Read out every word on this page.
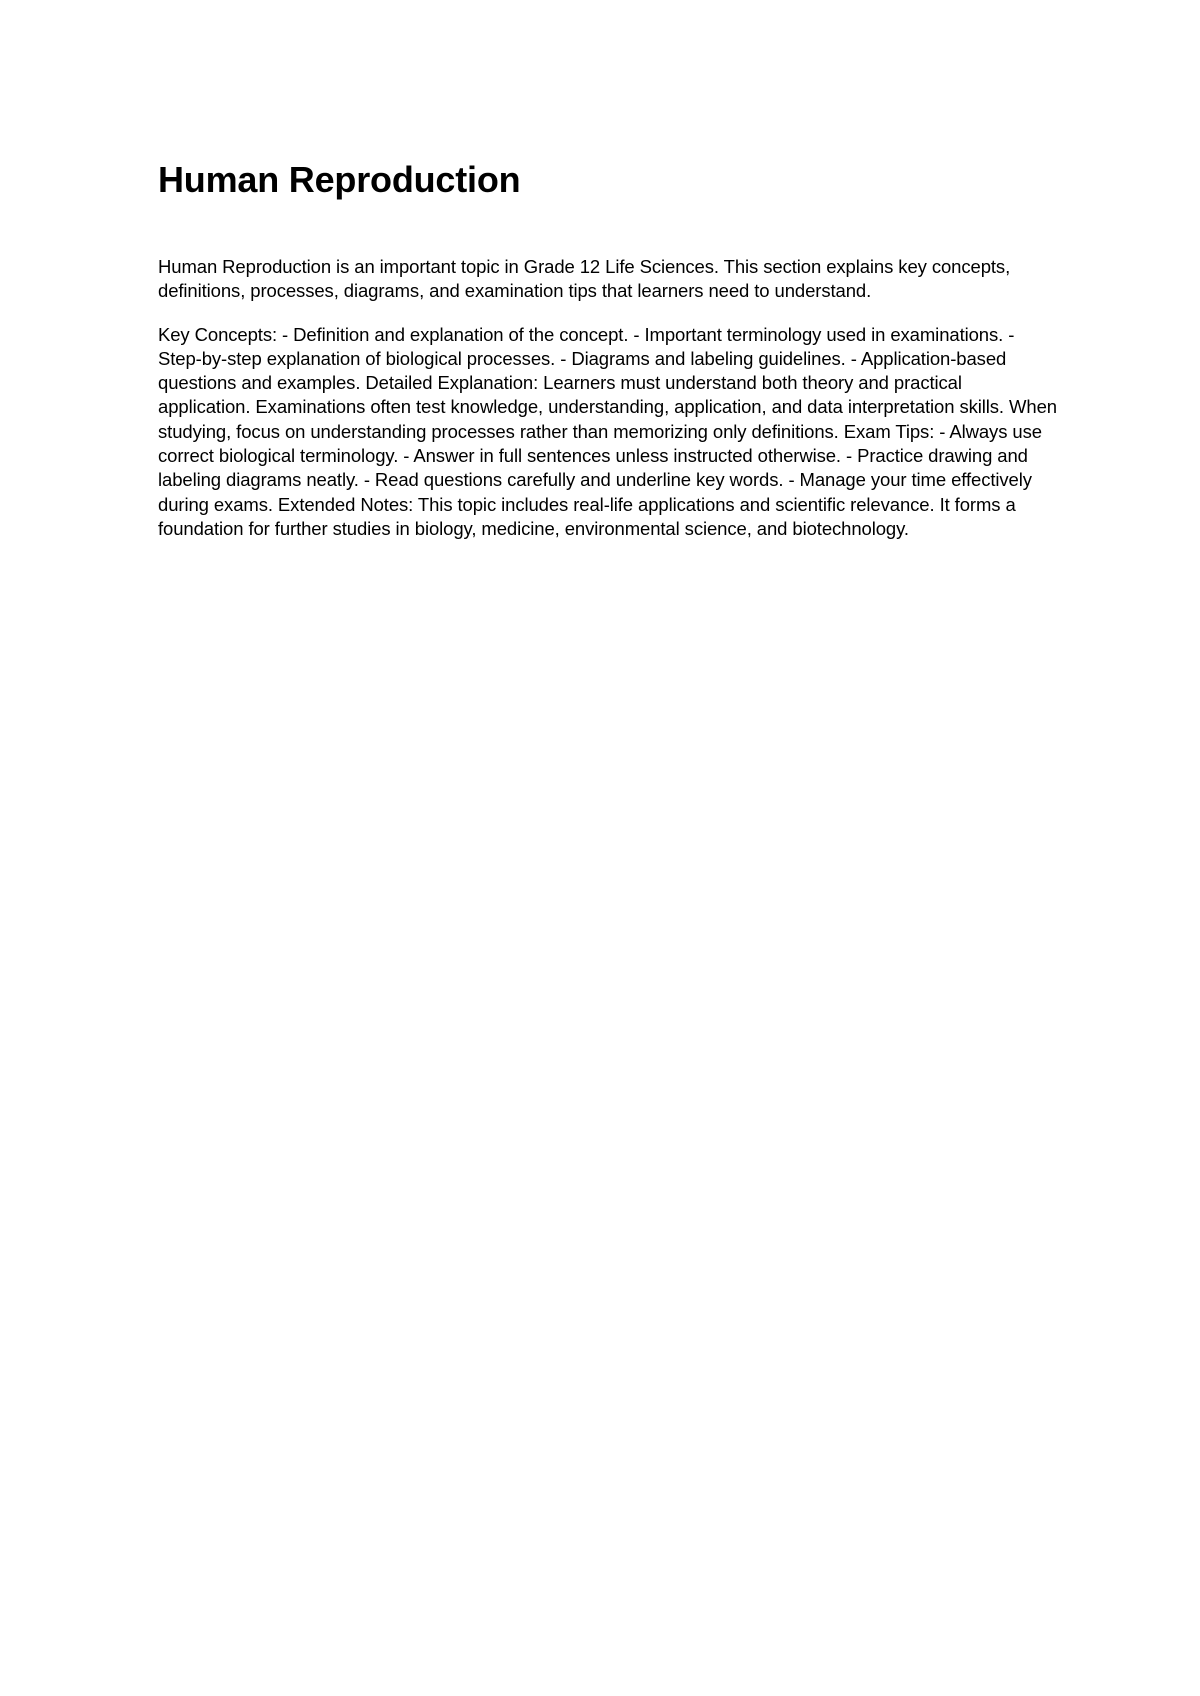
Human Reproduction

Human Reproduction is an important topic in Grade 12 Life Sciences. This section explains key concepts, definitions, processes, diagrams, and examination tips that learners need to understand.

Key Concepts: - Definition and explanation of the concept. - Important terminology used in examinations. - Step-by-step explanation of biological processes. - Diagrams and labeling guidelines. - Application-based questions and examples. Detailed Explanation: Learners must understand both theory and practical application. Examinations often test knowledge, understanding, application, and data interpretation skills. When studying, focus on understanding processes rather than memorizing only definitions. Exam Tips: - Always use correct biological terminology. - Answer in full sentences unless instructed otherwise. - Practice drawing and labeling diagrams neatly. - Read questions carefully and underline key words. - Manage your time effectively during exams. Extended Notes: This topic includes real-life applications and scientific relevance. It forms a foundation for further studies in biology, medicine, environmental science, and biotechnology.
